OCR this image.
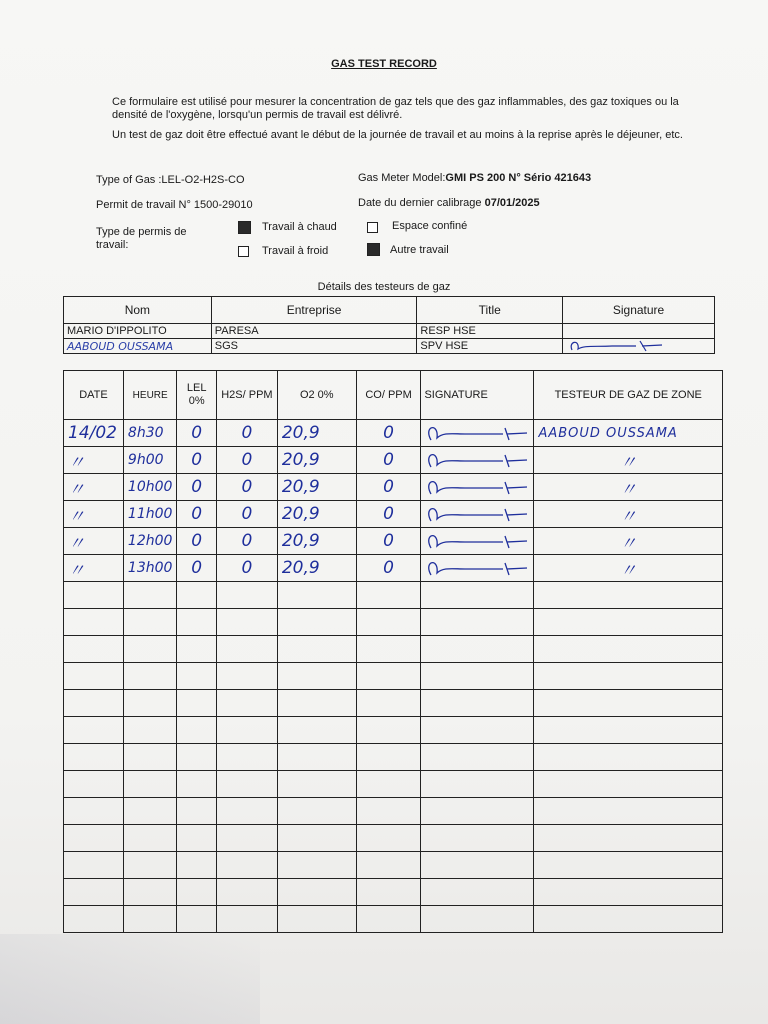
GAS TEST RECORD
Ce formulaire est utilisé pour mesurer la concentration de gaz tels que des gaz inflammables, des gaz toxiques ou la densité de l'oxygène, lorsqu'un permis de travail est délivré.
Un test de gaz doit être effectué avant le début de la journée de travail et au moins à la reprise après le déjeuner, etc.
Type of Gas :LEL-O2-H2S-CO	Gas Meter Model:GMI PS 200 N° Sério 421643
Permit de travail N° 1500-29010	Date du dernier calibrage 07/01/2025
Type de permis de travail:
Travail à chaud	Espace confiné
Travail à froid	Autre travail
Détails des testeurs de gaz
Nom	Entreprise	Title	Signature
MARIO D'IPPOLITO	PARESA	RESP HSE	
AABOUD OUSSAMA	SGS	SPV HSE	
DATE	HEURE	LEL 0%	H2S/ PPM	O2 0%	CO/ PPM	SIGNATURE	TESTEUR DE GAZ DE ZONE
14/02	8h30	0	0	20,9	0		AABOUD OUSSAMA
〃	9h00	0	0	20,9	0		〃
〃	10h00	0	0	20,9	0		〃
〃	11h00	0	0	20,9	0		〃
〃	12h00	0	0	20,9	0		〃
〃	13h00	0	0	20,9	0		〃
